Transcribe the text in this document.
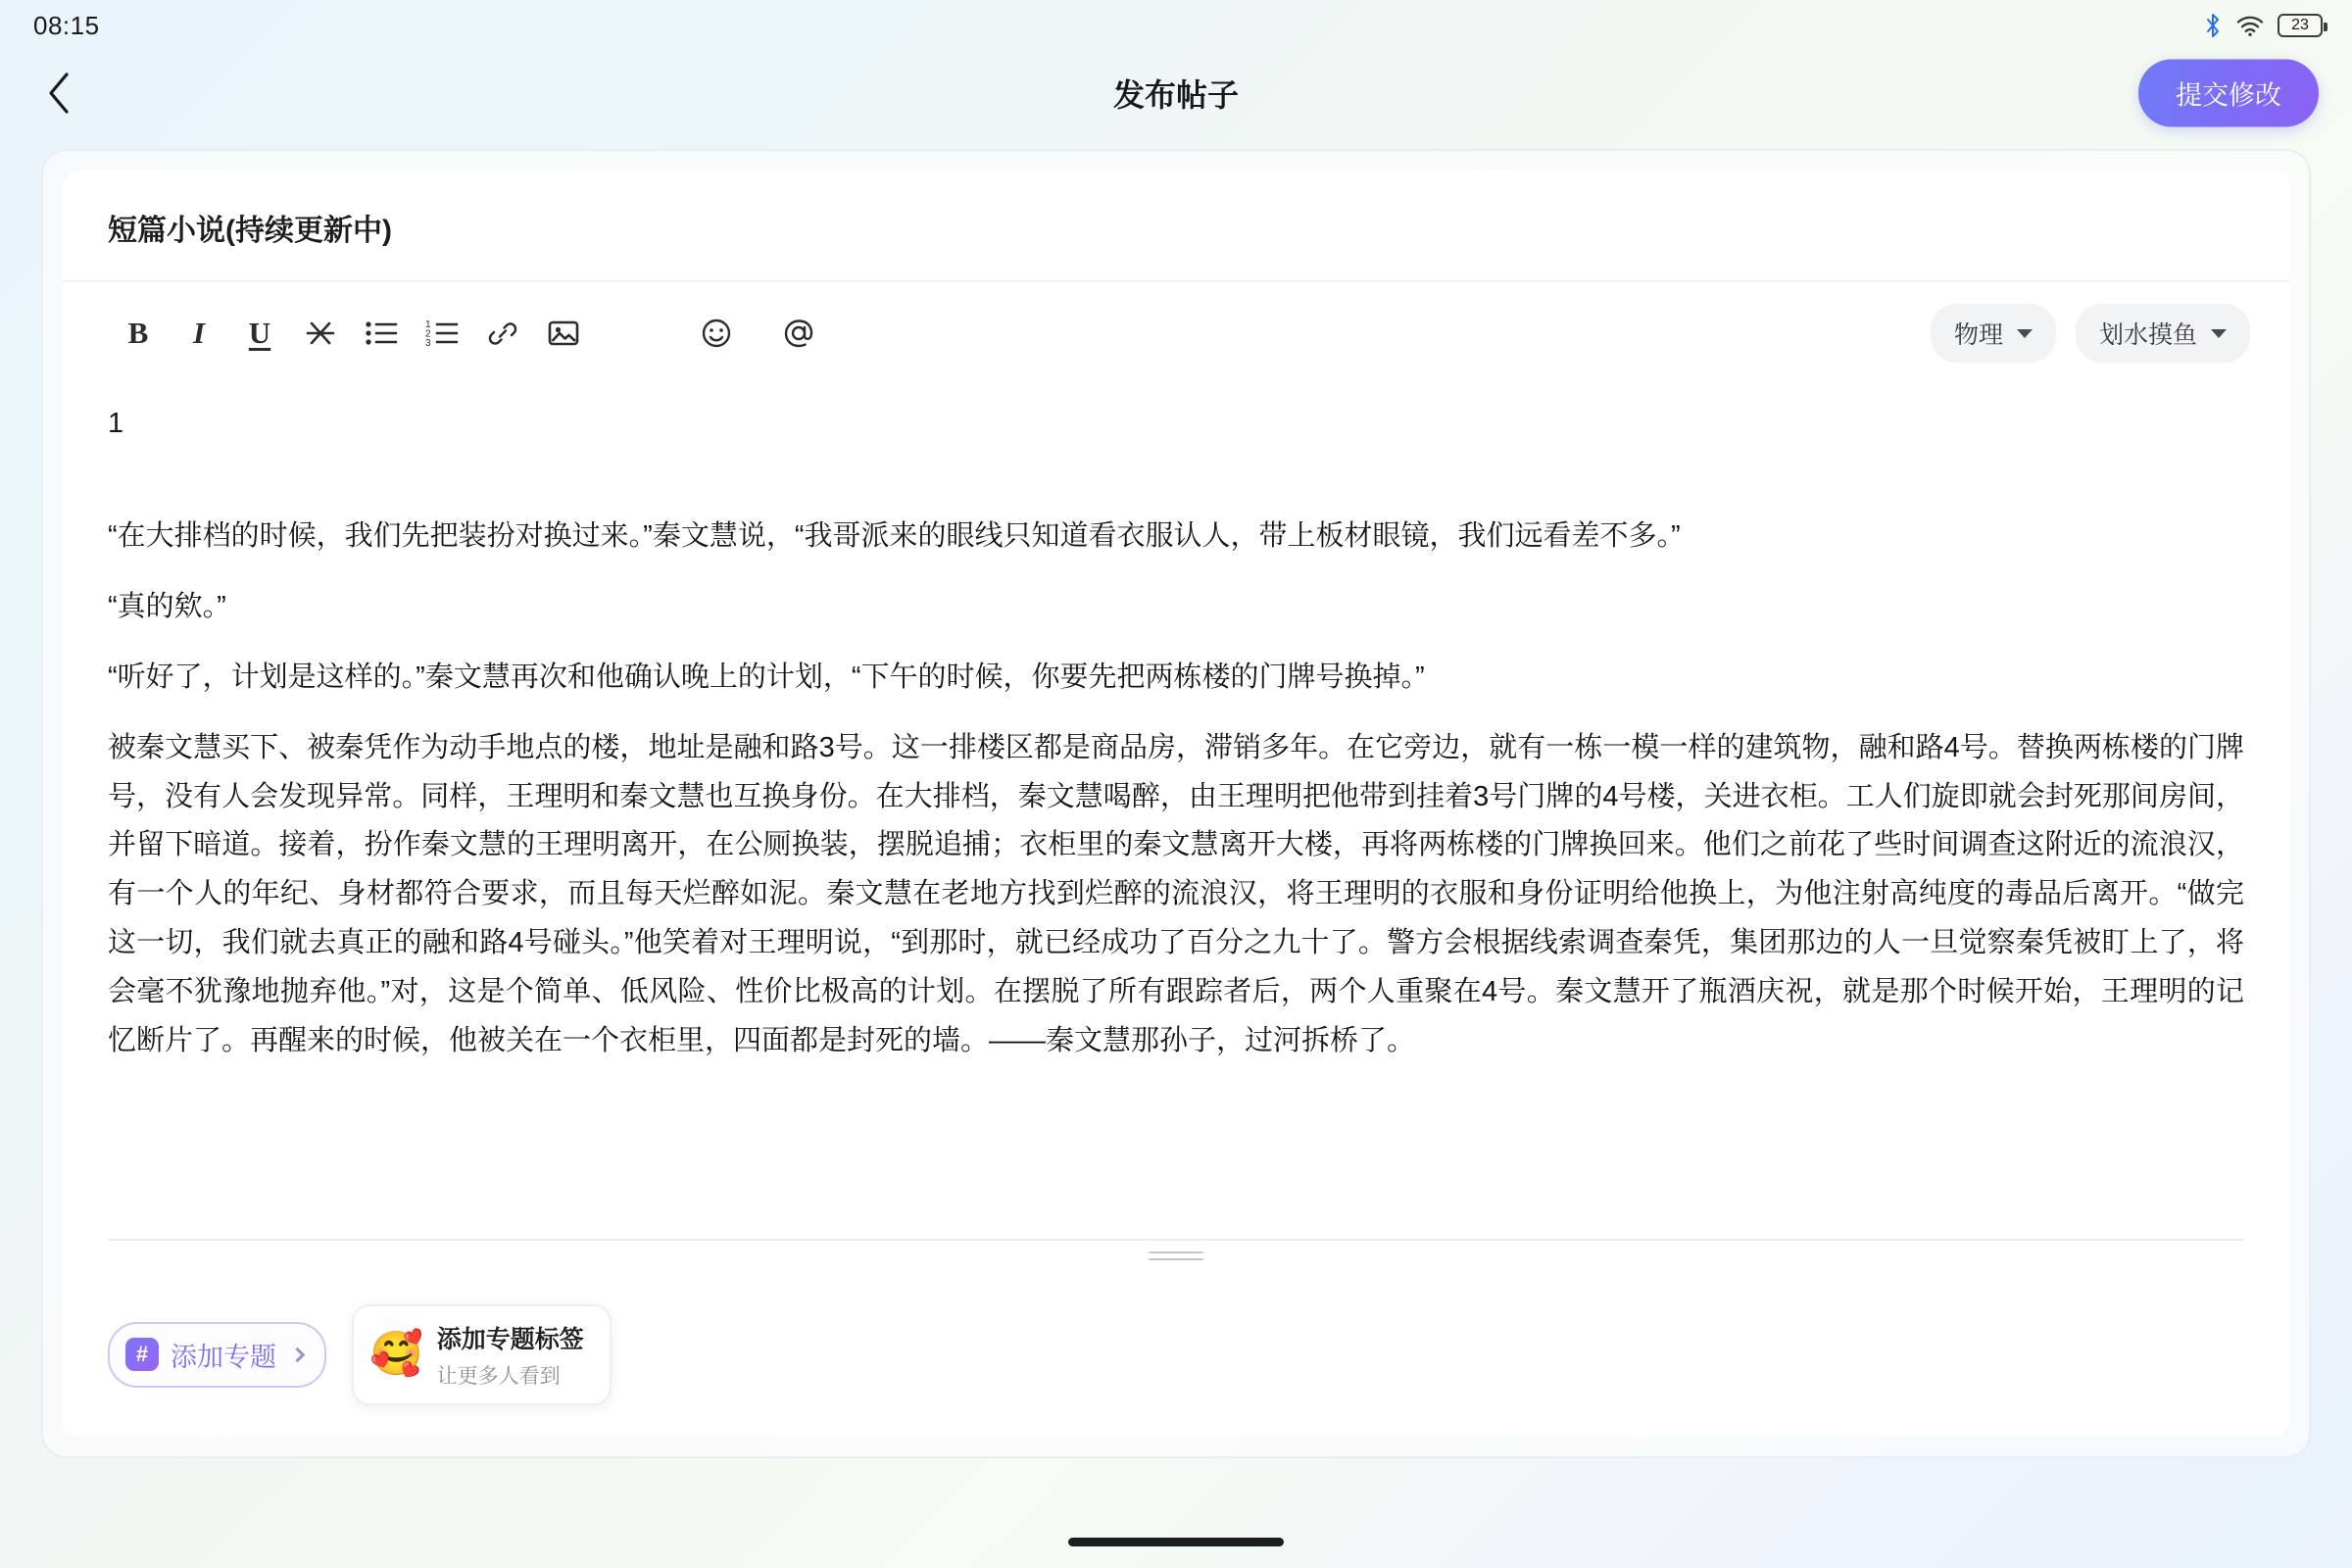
08:15	23
发布帖子	提交修改
短篇小说(持续更新中)
B	I	U	1
2
3	物理	划水摸鱼
1

“在大排档的时候，我们先把装扮对换过来。”秦文慧说，“我哥派来的眼线只知道看衣服认人，带上板材眼镜，我们远看差不多。”

“真的欸。”

“听好了，计划是这样的。”秦文慧再次和他确认晚上的计划，“下午的时候，你要先把两栋楼的门牌号换掉。”

被秦文慧买下、被秦凭作为动手地点的楼，地址是融和路3号。这一排楼区都是商品房，滞销多年。在它旁边，就有一栋一模一样的建筑物，融和路4号。替换两栋楼的门牌号，没有人会发现异常。同样，王理明和秦文慧也互换身份。在大排档，秦文慧喝醉，由王理明把他带到挂着3号门牌的4号楼，关进衣柜。工人们旋即就会封死那间房间，并留下暗道。接着，扮作秦文慧的王理明离开，在公厕换装，摆脱追捕；衣柜里的秦文慧离开大楼，再将两栋楼的门牌换回来。他们之前花了些时间调查这附近的流浪汉，有一个人的年纪、身材都符合要求，而且每天烂醉如泥。秦文慧在老地方找到烂醉的流浪汉，将王理明的衣服和身份证明给他换上，为他注射高纯度的毒品后离开。“做完这一切，我们就去真正的融和路4号碰头。”他笑着对王理明说，“到那时，就已经成功了百分之九十了。警方会根据线索调查秦凭，集团那边的人一旦觉察秦凭被盯上了，将会毫不犹豫地抛弃他。”对，这是个简单、低风险、性价比极高的计划。在摆脱了所有跟踪者后，两个人重聚在4号。秦文慧开了瓶酒庆祝，就是那个时候开始，王理明的记忆断片了。再醒来的时候，他被关在一个衣柜里，四面都是封死的墙。——秦文慧那孙子，过河拆桥了。

# 添加专题 🥰 添加专题标签
让更多人看到
